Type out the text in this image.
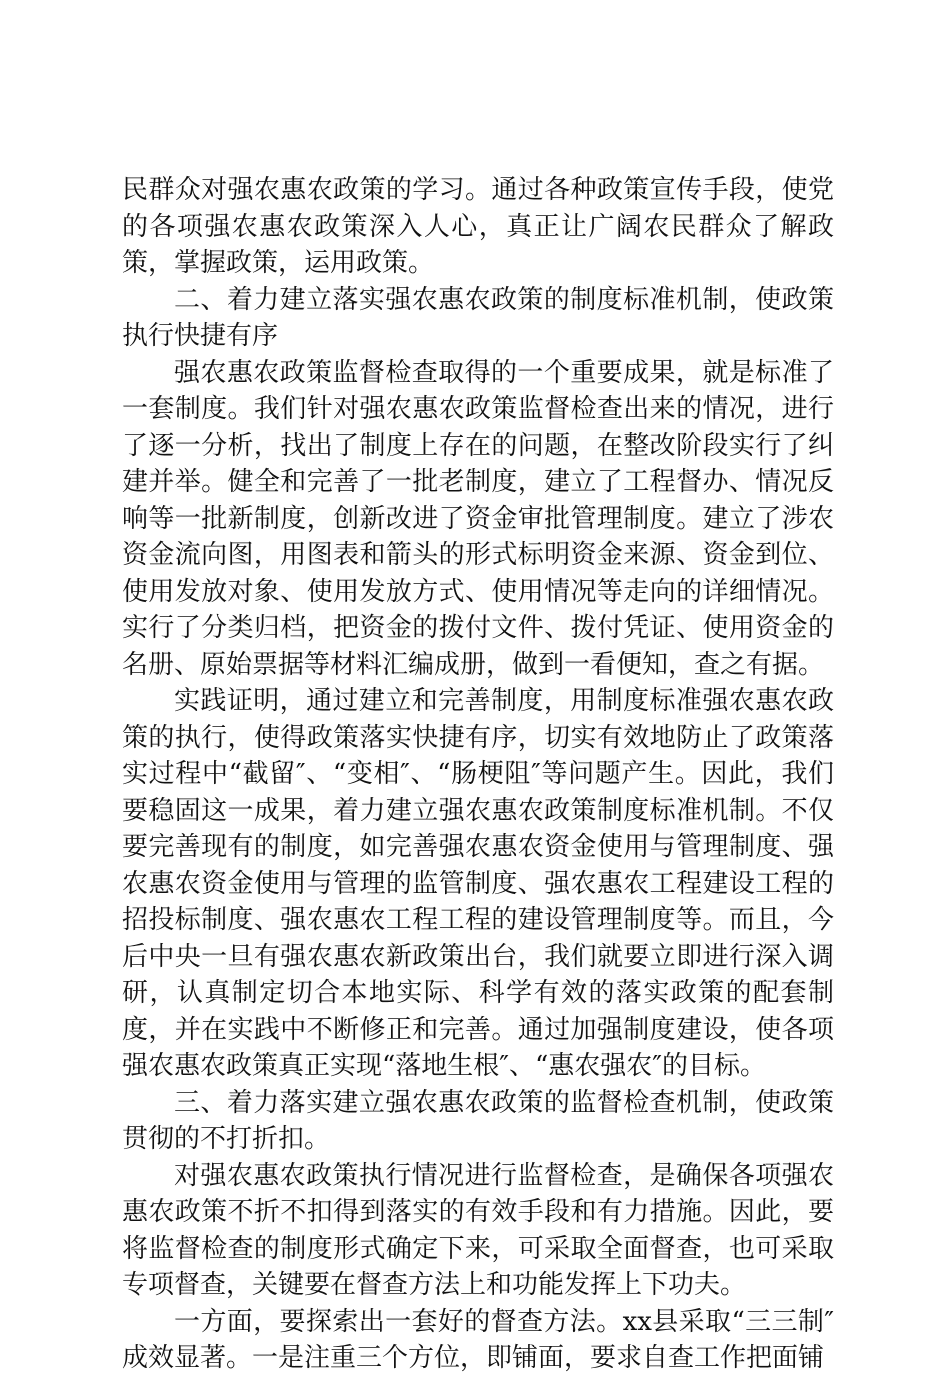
民群众对强农惠农政策的学习。通过各种政策宣传手段，使党的各项强农惠农政策深入人心，真正让广阔农民群众了解政策，掌握政策，运用政策。

二、着力建立落实强农惠农政策的制度标准机制，使政策执行快捷有序

强农惠农政策监督检查取得的一个重要成果，就是标准了一套制度。我们针对强农惠农政策监督检查出来的情况，进行了逐一分析，找出了制度上存在的问题，在整改阶段实行了纠建并举。健全和完善了一批老制度，建立了工程督办、情况反响等一批新制度，创新改进了资金审批管理制度。建立了涉农资金流向图，用图表和箭头的形式标明资金来源、资金到位、使用发放对象、使用发放方式、使用情况等走向的详细情况。实行了分类归档，把资金的拨付文件、拨付凭证、使用资金的名册、原始票据等材料汇编成册，做到一看便知，查之有据。

实践证明，通过建立和完善制度，用制度标准强农惠农政策的执行，使得政策落实快捷有序，切实有效地防止了政策落实过程中“截留″、“变相″、“肠梗阻″等问题产生。因此，我们要稳固这一成果，着力建立强农惠农政策制度标准机制。不仅要完善现有的制度，如完善强农惠农资金使用与管理制度、强农惠农资金使用与管理的监管制度、强农惠农工程建设工程的招投标制度、强农惠农工程工程的建设管理制度等。而且，今后中央一旦有强农惠农新政策出台，我们就要立即进行深入调研，认真制定切合本地实际、科学有效的落实政策的配套制度，并在实践中不断修正和完善。通过加强制度建设，使各项强农惠农政策真正实现“落地生根″、“惠农强农″的目标。

三、着力落实建立强农惠农政策的监督检查机制，使政策贯彻的不打折扣。

对强农惠农政策执行情况进行监督检查，是确保各项强农惠农政策不折不扣得到落实的有效手段和有力措施。因此，要将监督检查的制度形式确定下来，可采取全面督查，也可采取专项督查，关键要在督查方法上和功能发挥上下功夫。

一方面，要探索出一套好的督查方法。xx县采取“三三制″成效显著。一是注重三个方位，即铺面，要求自查工作把面铺
